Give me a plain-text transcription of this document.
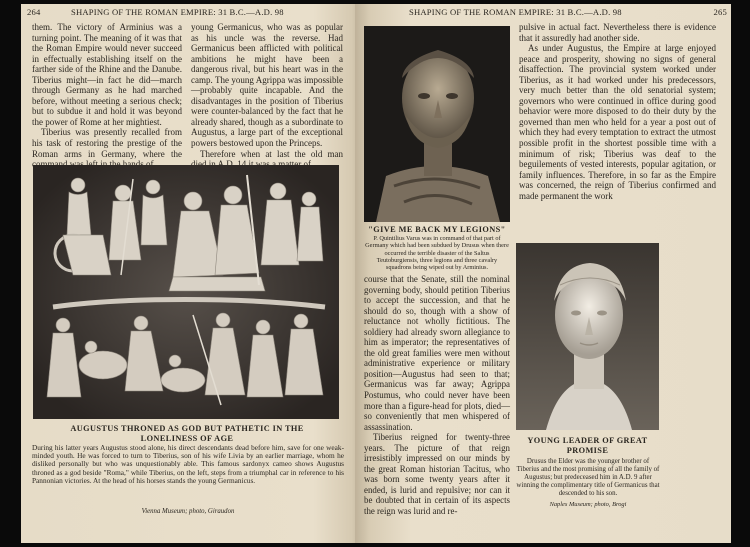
264	SHAPING OF THE ROMAN EMPIRE: 31 B.C.—A.D. 98

them. The victory of Arminius was a turning point. The meaning of it was that the Roman Empire would never succeed in effectually establishing itself on the farther side of the Rhine and the Danube. Tiberius might—in fact he did—march through Germany as he had marched before, without meeting a serious check; but to subdue it and hold it was beyond the power of Rome at her mightiest.

Tiberius was presently recalled from his task of restoring the prestige of the Roman arms in Germany, where the

young Germanicus, who was as popular as his uncle was the reverse. Had Germanicus been afflicted with political ambitions he might have been a dangerous rival, but his heart was in the camp. The young Agrippa was impossible—probably quite incapable. And the disadvantages in the position of Tiberius were counter-balanced by the fact that he already shared, though as a subordinate to Augustus, a large part of the exceptional powers bestowed upon the Princeps.

Therefore when at last the old man

AUGUSTUS THRONED AS GOD BUT PATHETIC IN THE LONELINESS OF AGE
During his latter years Augustus stood alone, his direct descendants dead before him, save for one weak-minded youth. He was forced to turn to Tiberius, son of his wife Livia by an earlier marriage, whom he disliked personally but who was unquestionably able. This famous sardonyx cameo shows Augustus throned as a god beside "Roma," while Tiberius, on the left, steps from a triumphal car in reference to his Pannonian victories. At the head of his horses stands the young Germanicus.
Vienna Museum; photo, Giraudon
SHAPING OF THE ROMAN EMPIRE: 31 B.C.—A.D. 98	265
"GIVE ME BACK MY LEGIONS"
P. Quintilius Varus was in command of that part of Germany which had been subdued by Drusus when there occurred the terrible disaster of the Saltus Teutoburgiensis, three legions and three cavalry squadrons being wiped out by Arminius.

course that the Senate, still the nominal governing body, should petition Tiberius to accept the succession, and that he should do so, though with a show of reluctance not wholly fictitious. The soldiery had already sworn allegiance to him as imperator; the representatives of the old great families were men without administrative experience or military position—Augustus had seen to that; Germanicus was far away; Agrippa Postumus, who could never have been more than a figure-head for plots, died—so conveniently that men whispered of assassination.

Tiberius reigned for twenty-three years. The picture of that reign irresistibly impressed on our minds by the great Roman historian Tacitus, who was born some twenty years after it ended, is lurid and repulsive; nor can it be doubted that in certain of its aspects the reign was lurid and re-

pulsive in actual fact. Nevertheless there is evidence that it assuredly had another side.

As under Augustus, the Empire at large enjoyed peace and prosperity, showing no signs of general disaffection. The provincial system worked under Tiberius, as it had worked under his predecessors, very much better than the old senatorial system; governors who were continued in office during good behavior were more disposed to do their duty by the governed than men who held for a year a post out of which they had every temptation to extract the utmost possible profit in the shortest possible time with a minimum of risk; Tiberius was deaf to the beguilements of vested interests, popular agitation, or family influences. Therefore, in so far as the Empire was concerned, the reign of Tiberius confirmed and made permanent the work

YOUNG LEADER OF GREAT PROMISE
Drusus the Elder was the younger brother of Tiberius and the most promising of all the family of Augustus; but predeceased him in A.D. 9 after winning the complimentary title of Germanicus that descended to his son.
Naples Museum; photo, Brogi
